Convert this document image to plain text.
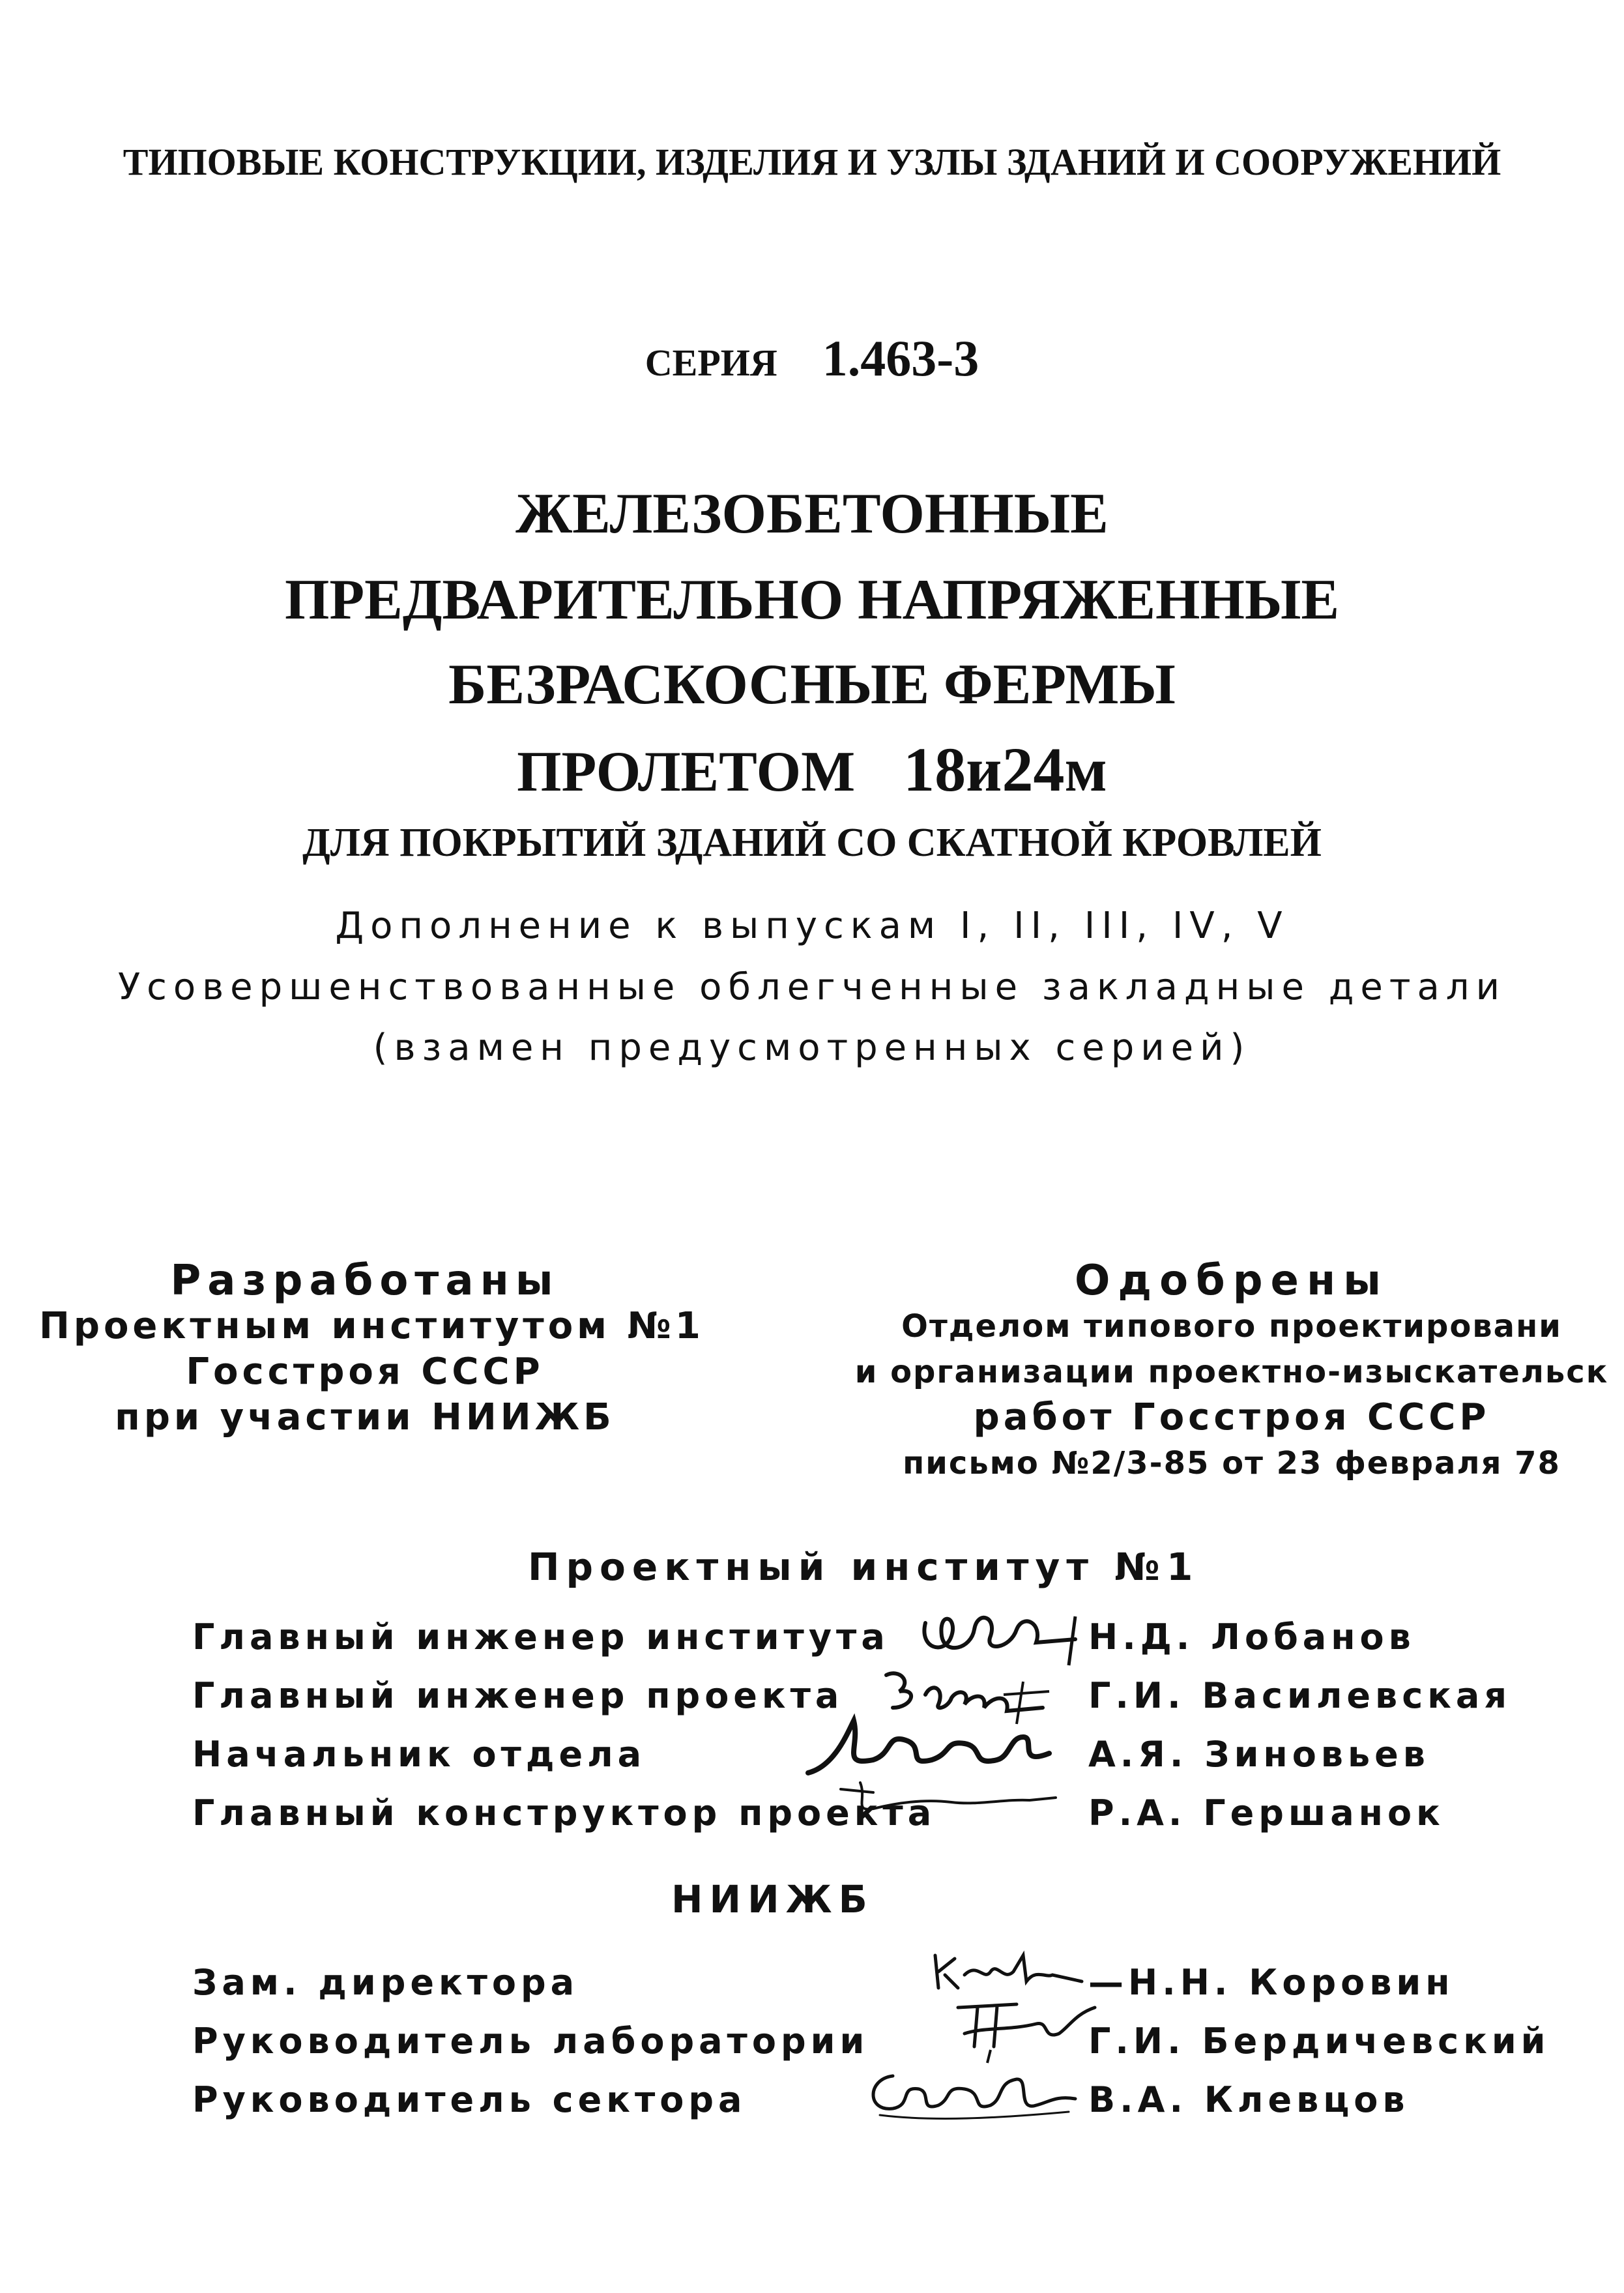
ТИПОВЫЕ КОНСТРУКЦИИ, ИЗДЕЛИЯ И УЗЛЫ ЗДАНИЙ И СООРУЖЕНИЙ
СЕРИЯ 1.463-3
ЖЕЛЕЗОБЕТОННЫЕ
ПРЕДВАРИТЕЛЬНО НАПРЯЖЕННЫЕ
БЕЗРАСКОСНЫЕ ФЕРМЫ
ПРОЛЕТОМ 18и24м
ДЛЯ ПОКРЫТИЙ ЗДАНИЙ СО СКАТНОЙ КРОВЛЕЙ
Дополнение к выпускам I, II, III, IV, V
Усовершенствованные облегченные закладные детали
(взамен предусмотренных серией)
Разработаны
Проектным институтом №1
Госстроя СССР
при участии НИИЖБ
Одобрены
Отделом типового проектировани
и организации проектно-изыскательск
работ Госстроя СССР
письмо №2/3-85 от 23 февраля 78
Проектный институт №1
Главный инженер института	Н.Д. Лобанов
Главный инженер проекта	Г.И. Василевская
Начальник отдела	А.Я. Зиновьев
Главный конструктор проекта	Р.А. Гершанок
НИИЖБ
Зам. директора	—Н.Н. Коровин
Руководитель лаборатории	Г.И. Бердичевский
Руководитель сектора	В.А. Клевцов
